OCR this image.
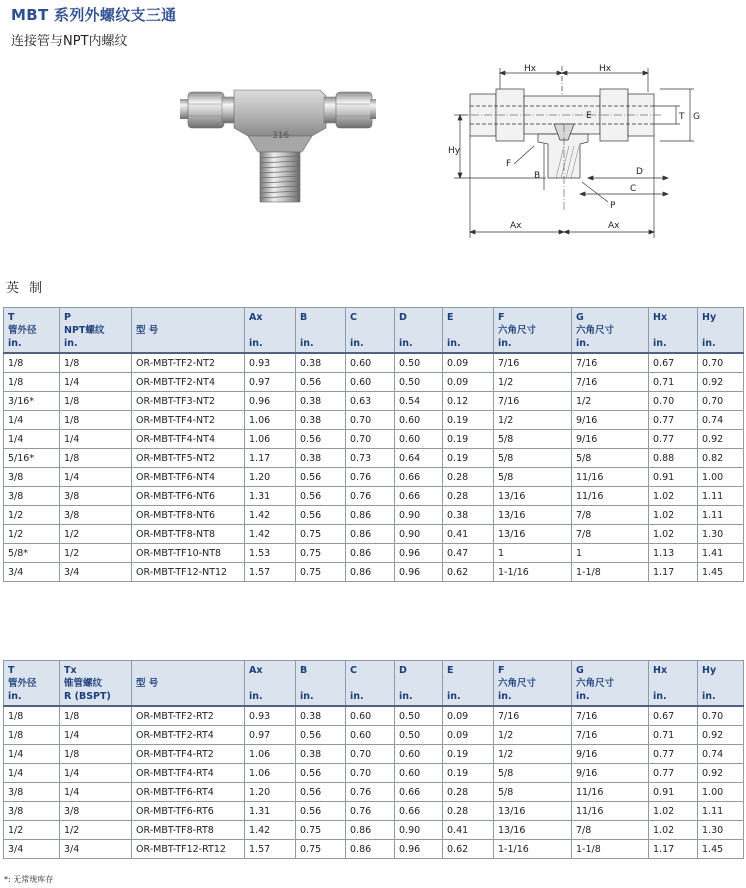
MBT 系列外螺纹支三通
连接管与NPT内螺纹
316
Hx	Hx
T G
E
Hy
F
B	D
C
P
Ax	Ax
英 制
T
管外径
in.	P
NPT螺纹
in.	型 号	Ax

in.	B

in.	C

in.	D

in.	E

in.	F
六角尺寸
in.	G
六角尺寸
in.	Hx

in.	Hy

in.

1/8	1/8	OR-MBT-TF2-NT2	0.93	0.38	0.60	0.50	0.09	7/16	7/16	0.67	0.70
1/8	1/4	OR-MBT-TF2-NT4	0.97	0.56	0.60	0.50	0.09	1/2	7/16	0.71	0.92
3/16*	1/8	OR-MBT-TF3-NT2	0.96	0.38	0.63	0.54	0.12	7/16	1/2	0.70	0.70
1/4	1/8	OR-MBT-TF4-NT2	1.06	0.38	0.70	0.60	0.19	1/2	9/16	0.77	0.74
1/4	1/4	OR-MBT-TF4-NT4	1.06	0.56	0.70	0.60	0.19	5/8	9/16	0.77	0.92
5/16*	1/8	OR-MBT-TF5-NT2	1.17	0.38	0.73	0.64	0.19	5/8	5/8	0.88	0.82
3/8	1/4	OR-MBT-TF6-NT4	1.20	0.56	0.76	0.66	0.28	5/8	11/16	0.91	1.00
3/8	3/8	OR-MBT-TF6-NT6	1.31	0.56	0.76	0.66	0.28	13/16	11/16	1.02	1.11
1/2	3/8	OR-MBT-TF8-NT6	1.42	0.56	0.86	0.90	0.38	13/16	7/8	1.02	1.11
1/2	1/2	OR-MBT-TF8-NT8	1.42	0.75	0.86	0.90	0.41	13/16	7/8	1.02	1.30
5/8*	1/2	OR-MBT-TF10-NT8	1.53	0.75	0.86	0.96	0.47	1	1	1.13	1.41
3/4	3/4	OR-MBT-TF12-NT12	1.57	0.75	0.86	0.96	0.62	1-1/16	1-1/8	1.17	1.45
T
管外径
in.	Tx
锥管螺纹
R (BSPT)	型 号	Ax

in.	B

in.	C

in.	D

in.	E

in.	F
六角尺寸
in.	G
六角尺寸
in.	Hx

in.	Hy

in.

1/8	1/8	OR-MBT-TF2-RT2	0.93	0.38	0.60	0.50	0.09	7/16	7/16	0.67	0.70
1/8	1/4	OR-MBT-TF2-RT4	0.97	0.56	0.60	0.50	0.09	1/2	7/16	0.71	0.92
1/4	1/8	OR-MBT-TF4-RT2	1.06	0.38	0.70	0.60	0.19	1/2	9/16	0.77	0.74
1/4	1/4	OR-MBT-TF4-RT4	1.06	0.56	0.70	0.60	0.19	5/8	9/16	0.77	0.92
3/8	1/4	OR-MBT-TF6-RT4	1.20	0.56	0.76	0.66	0.28	5/8	11/16	0.91	1.00
3/8	3/8	OR-MBT-TF6-RT6	1.31	0.56	0.76	0.66	0.28	13/16	11/16	1.02	1.11
1/2	1/2	OR-MBT-TF8-RT8	1.42	0.75	0.86	0.90	0.41	13/16	7/8	1.02	1.30
3/4	3/4	OR-MBT-TF12-RT12	1.57	0.75	0.86	0.96	0.62	1-1/16	1-1/8	1.17	1.45
*: 无常规库存
